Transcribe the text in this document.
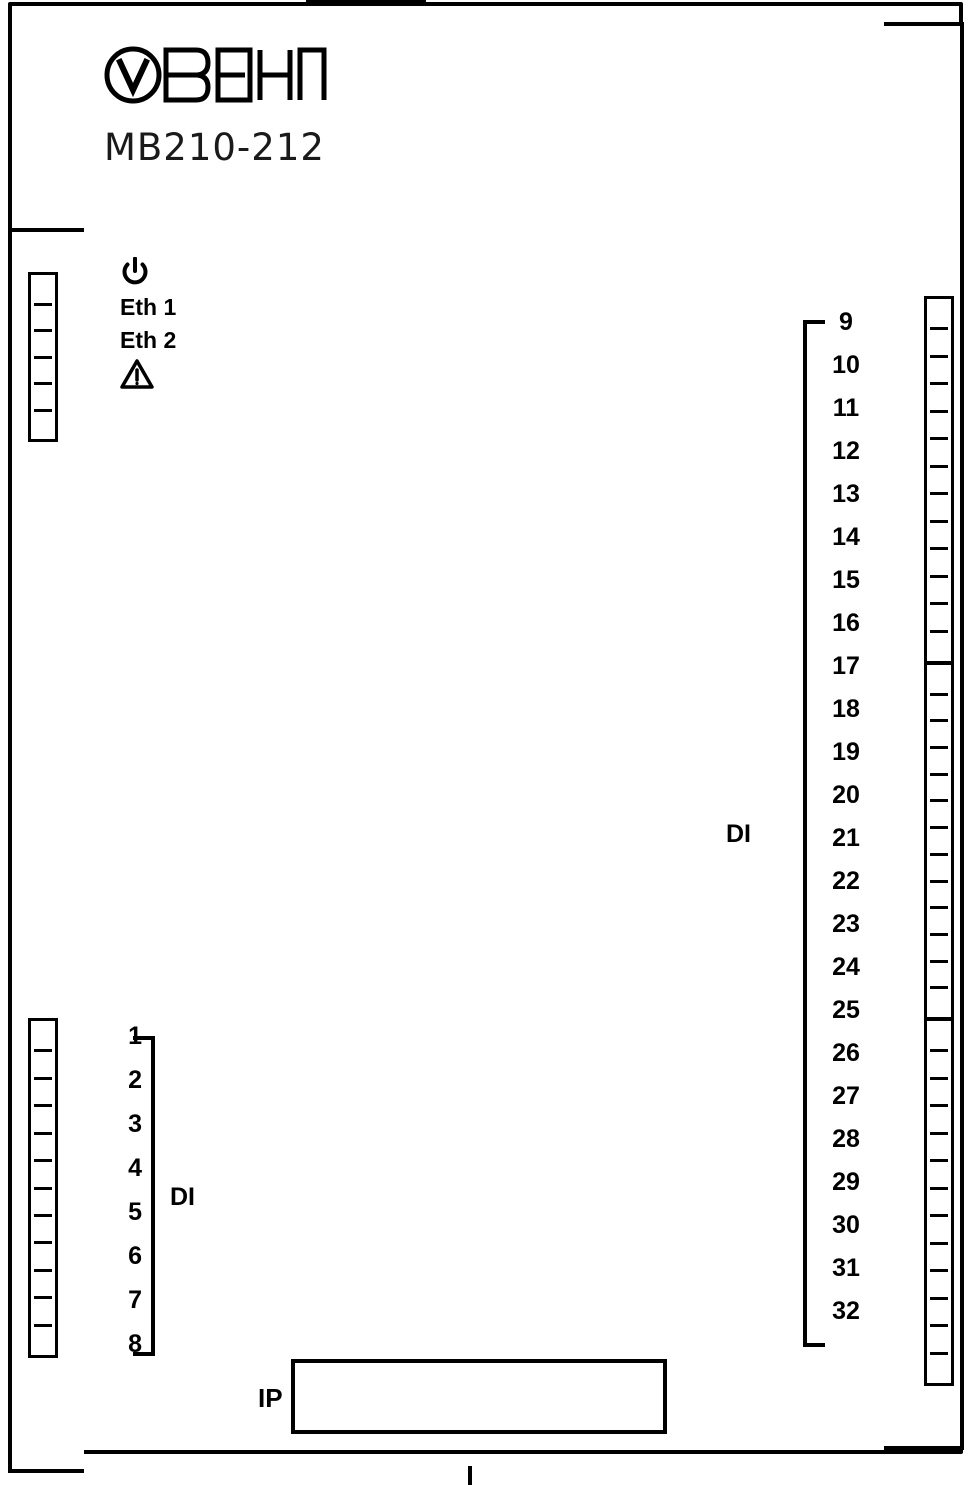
МВ210-212
Eth 1
Eth 2
1
2
3
4
5
6
7
8
DI
9
10
11
12
13
14
15
16
17
18
19
20
21
22
23
24
25
26
27
28
29
30
31
32
DI
IP
